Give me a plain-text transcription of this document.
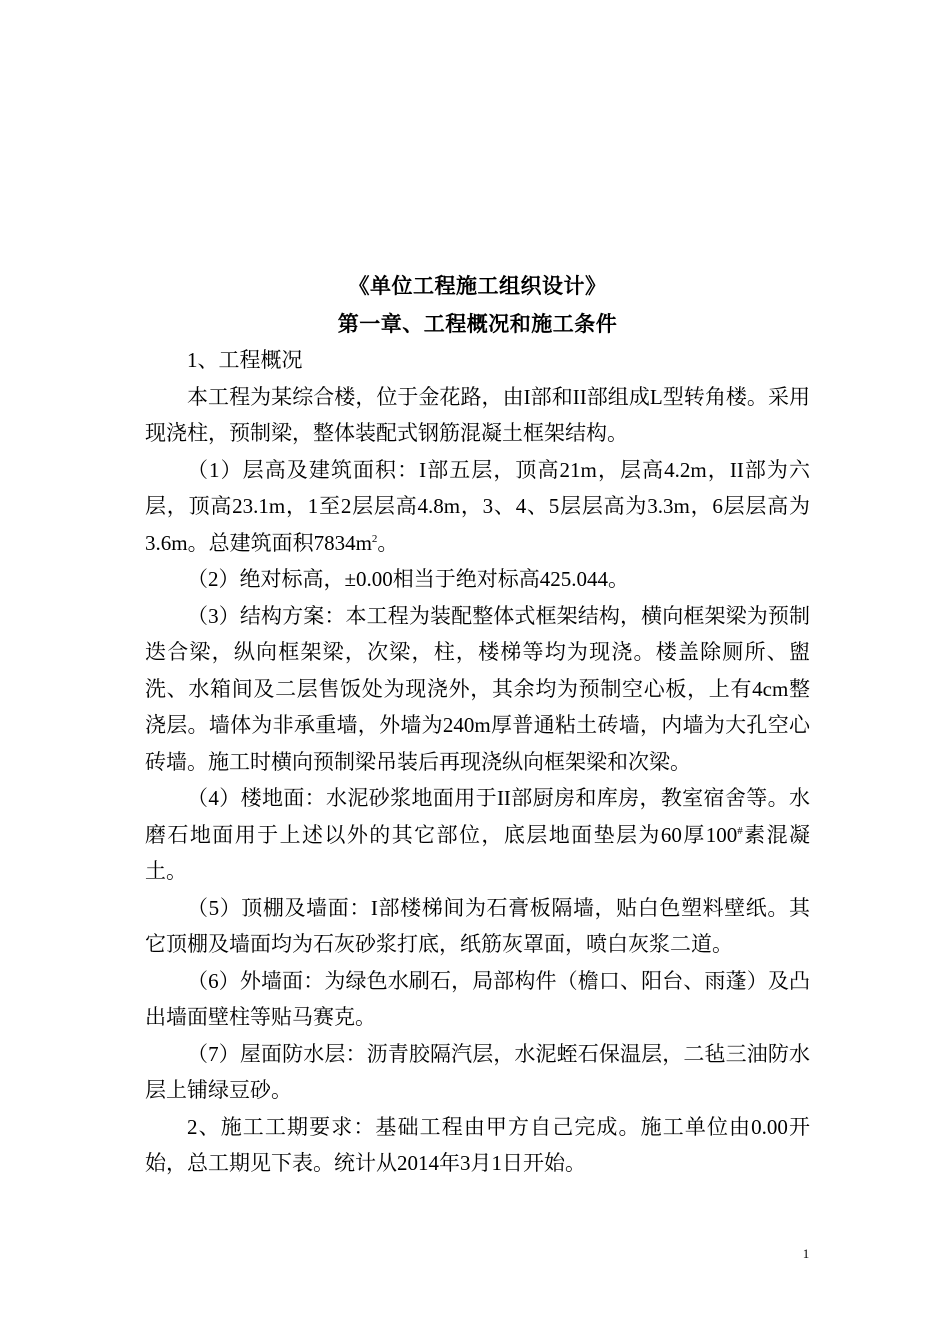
《单位工程施工组织设计》
第一章、工程概况和施工条件

1、工程概况

本工程为某综合楼，位于金花路，由I部和II部组成L型转角楼。采用现浇柱，预制梁，整体装配式钢筋混凝土框架结构。

（1）层高及建筑面积：I部五层，顶高21m，层高4.2m，II部为六层，顶高23.1m，1至2层层高4.8m，3、4、5层层高为3.3m，6层层高为3.6m。总建筑面积$7834m^2$。

（2）绝对标高，±0.00相当于绝对标高425.044。

（3）结构方案：本工程为装配整体式框架结构，横向框架梁为预制迭合梁，纵向框架梁，次梁，柱，楼梯等均为现浇。楼盖除厕所、盥洗、水箱间及二层售饭处为现浇外，其余均为预制空心板，上有4cm整浇层。墙体为非承重墙，外墙为240m厚普通粘土砖墙，内墙为大孔空心砖墙。施工时横向预制梁吊装后再现浇纵向框架梁和次梁。

（4）楼地面：水泥砂浆地面用于II部厨房和库房，教室宿舍等。水磨石地面用于上述以外的其它部位，底层地面垫层为60厚100#素混凝土。

（5）顶棚及墙面：I部楼梯间为石膏板隔墙，贴白色塑料壁纸。其它顶棚及墙面均为石灰砂浆打底，纸筋灰罩面，喷白灰浆二道。

（6）外墙面：为绿色水刷石，局部构件（檐口、阳台、雨蓬）及凸出墙面壁柱等贴马赛克。

（7）屋面防水层：沥青胶隔汽层，水泥蛭石保温层，二毡三油防水层上铺绿豆砂。

2、施工工期要求：基础工程由甲方自己完成。施工单位由0.00开始，总工期见下表。统计从2014年3月1日开始。

1
